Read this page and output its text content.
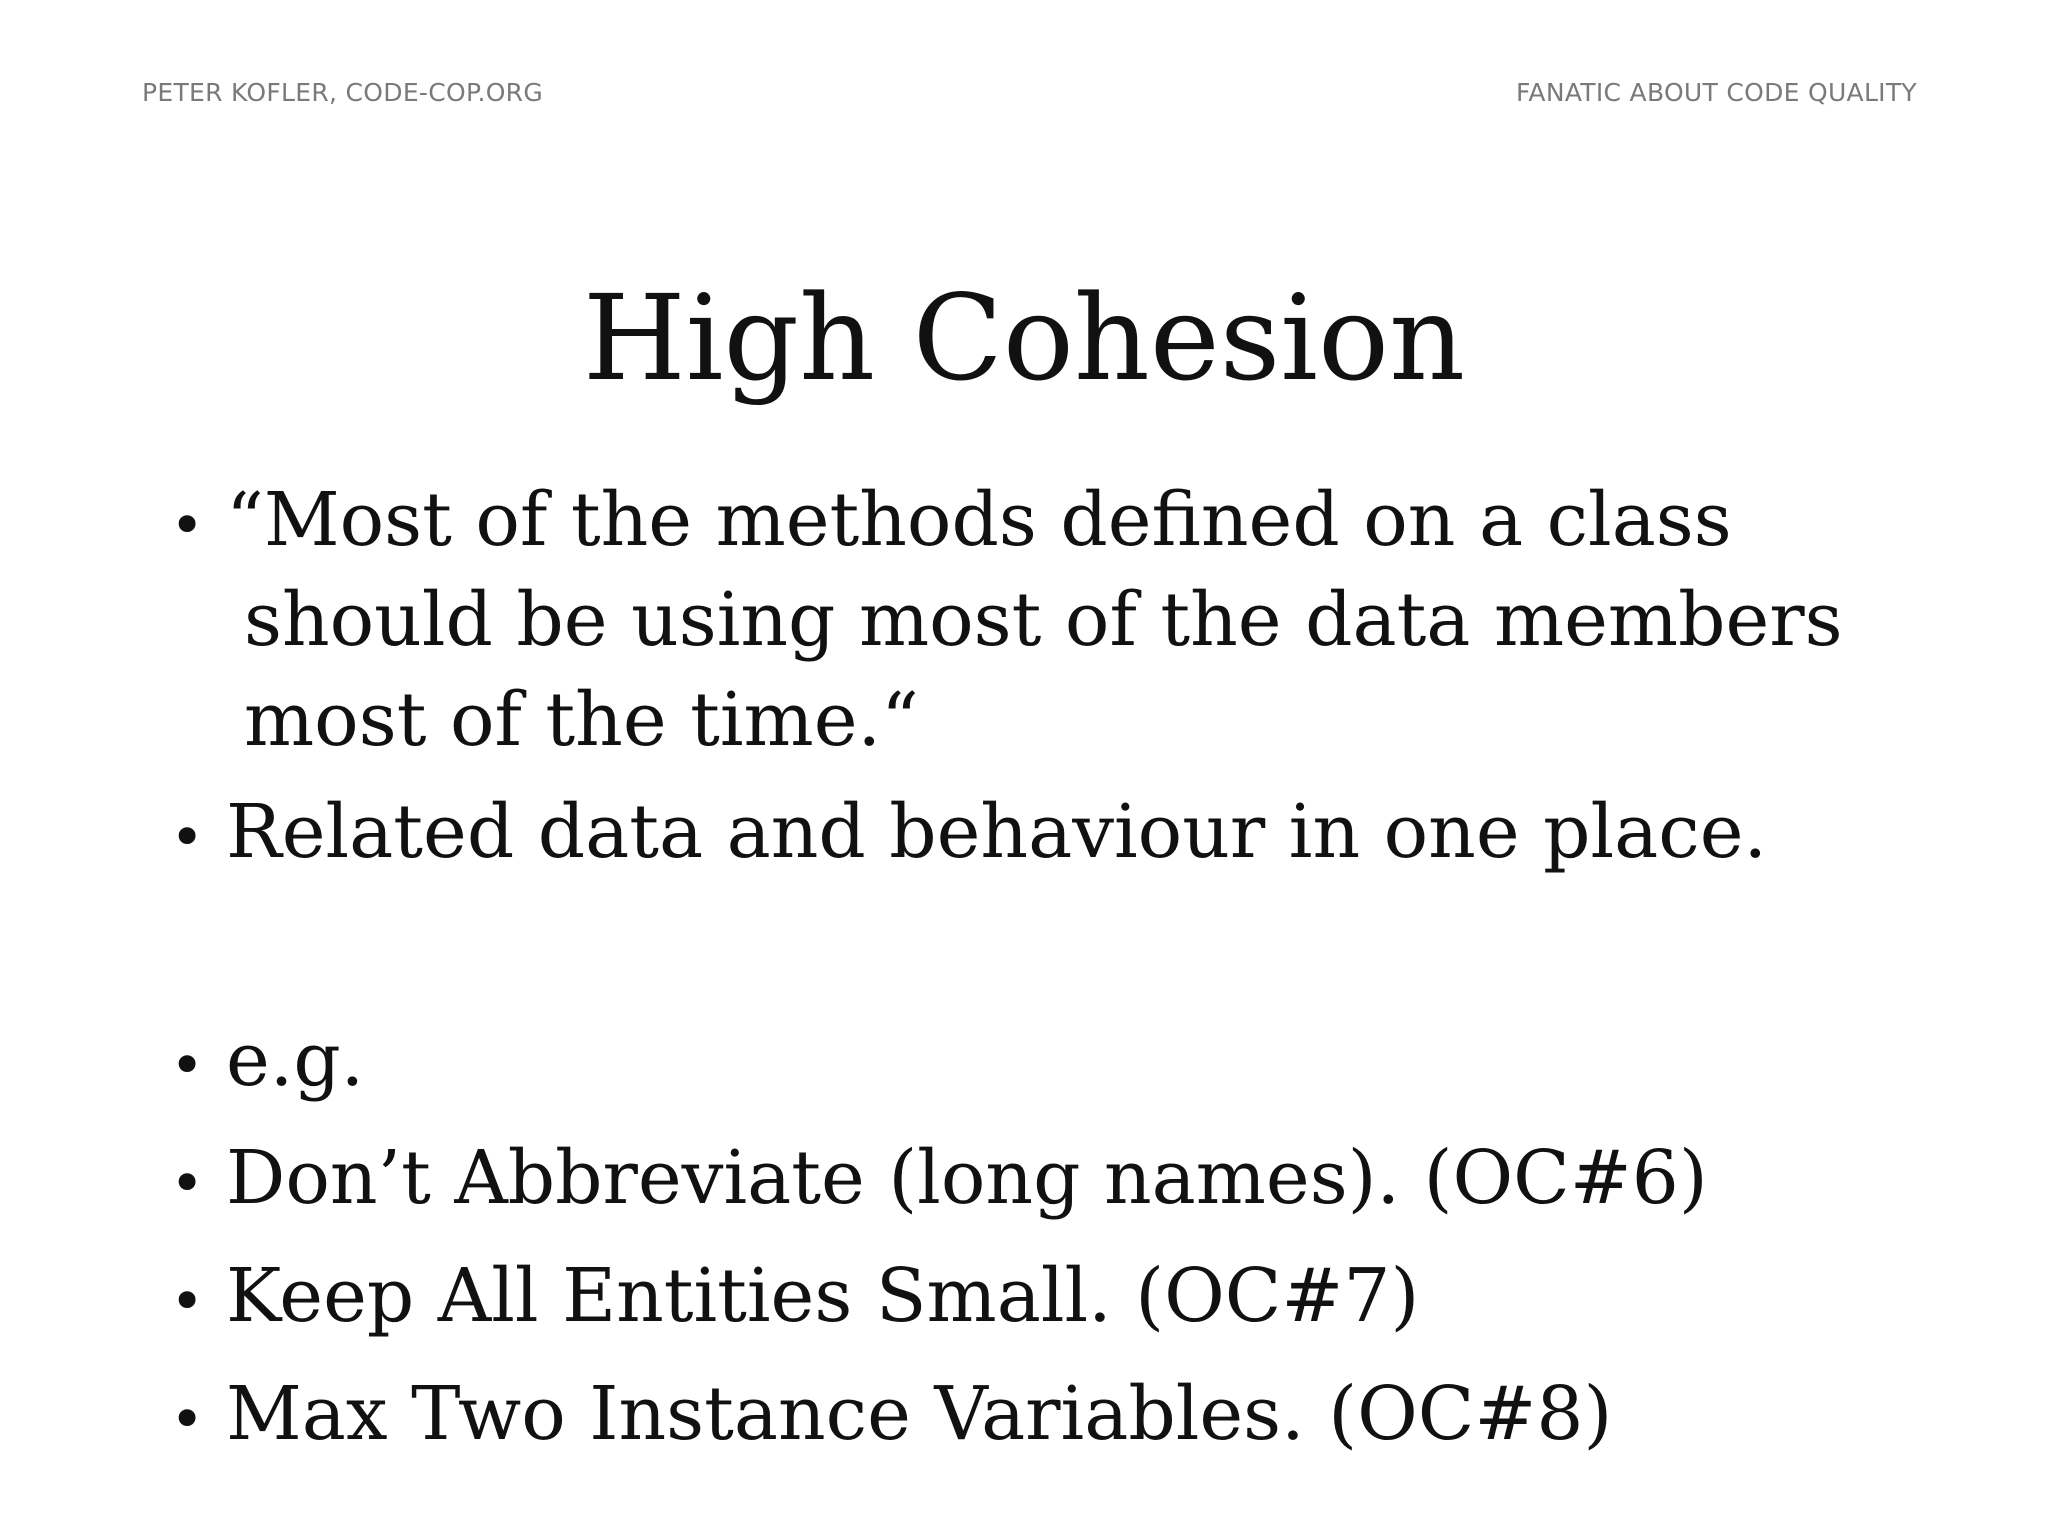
PETER KOFLER, CODE-COP.ORG	FANATIC ABOUT CODE QUALITY
High Cohesion
• “Most of the methods defined on a class
should be using most of the data members
most of the time.“
• Related data and behaviour in one place.
• e.g.
• Don’t Abbreviate (long names). (OC#6)
• Keep All Entities Small. (OC#7)
• Max Two Instance Variables. (OC#8)
